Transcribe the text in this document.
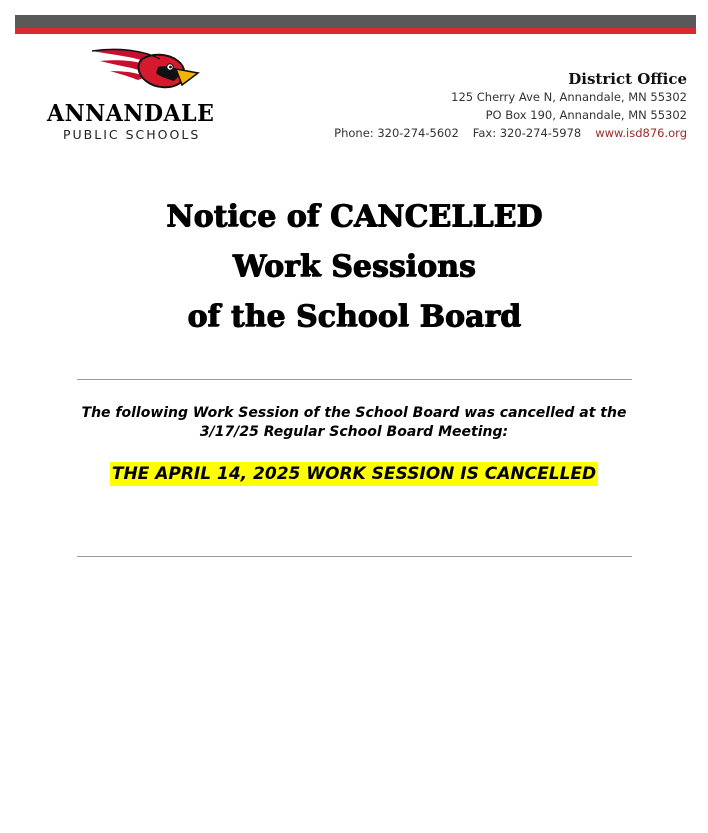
ANNANDALE
PUBLIC SCHOOLS
District Office
125 Cherry Ave N, Annandale, MN 55302
PO Box 190, Annandale, MN 55302
Phone: 320-274-5602 Fax: 320-274-5978 www.isd876.org
Notice of CANCELLED
Work Sessions
of the School Board
The following Work Session of the School Board was cancelled at the 3/17/25 Regular School Board Meeting:
THE APRIL 14, 2025 WORK SESSION IS CANCELLED
